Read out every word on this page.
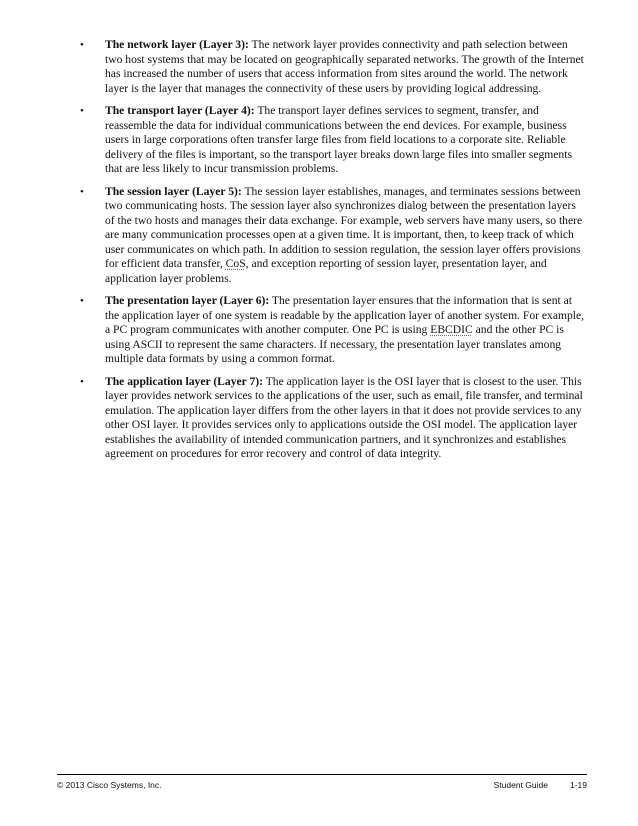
• The network layer (Layer 3): The network layer provides connectivity and path selection between two host systems that may be located on geographically separated networks. The growth of the Internet has increased the number of users that access information from sites around the world. The network layer is the layer that manages the connectivity of these users by providing logical addressing.
• The transport layer (Layer 4): The transport layer defines services to segment, transfer, and reassemble the data for individual communications between the end devices. For example, business users in large corporations often transfer large files from field locations to a corporate site. Reliable delivery of the files is important, so the transport layer breaks down large files into smaller segments that are less likely to incur transmission problems.
• The session layer (Layer 5): The session layer establishes, manages, and terminates sessions between two communicating hosts. The session layer also synchronizes dialog between the presentation layers of the two hosts and manages their data exchange. For example, web servers have many users, so there are many communication processes open at a given time. It is important, then, to keep track of which user communicates on which path. In addition to session regulation, the session layer offers provisions for efficient data transfer, CoS, and exception reporting of session layer, presentation layer, and application layer problems.
• The presentation layer (Layer 6): The presentation layer ensures that the information that is sent at the application layer of one system is readable by the application layer of another system. For example, a PC program communicates with another computer. One PC is using EBCDIC and the other PC is using ASCII to represent the same characters. If necessary, the presentation layer translates among multiple data formats by using a common format.
• The application layer (Layer 7): The application layer is the OSI layer that is closest to the user. This layer provides network services to the applications of the user, such as email, file transfer, and terminal emulation. The application layer differs from the other layers in that it does not provide services to any other OSI layer. It provides services only to applications outside the OSI model. The application layer establishes the availability of intended communication partners, and it synchronizes and establishes agreement on procedures for error recovery and control of data integrity.
© 2013 Cisco Systems, Inc.	Student Guide	1-19
